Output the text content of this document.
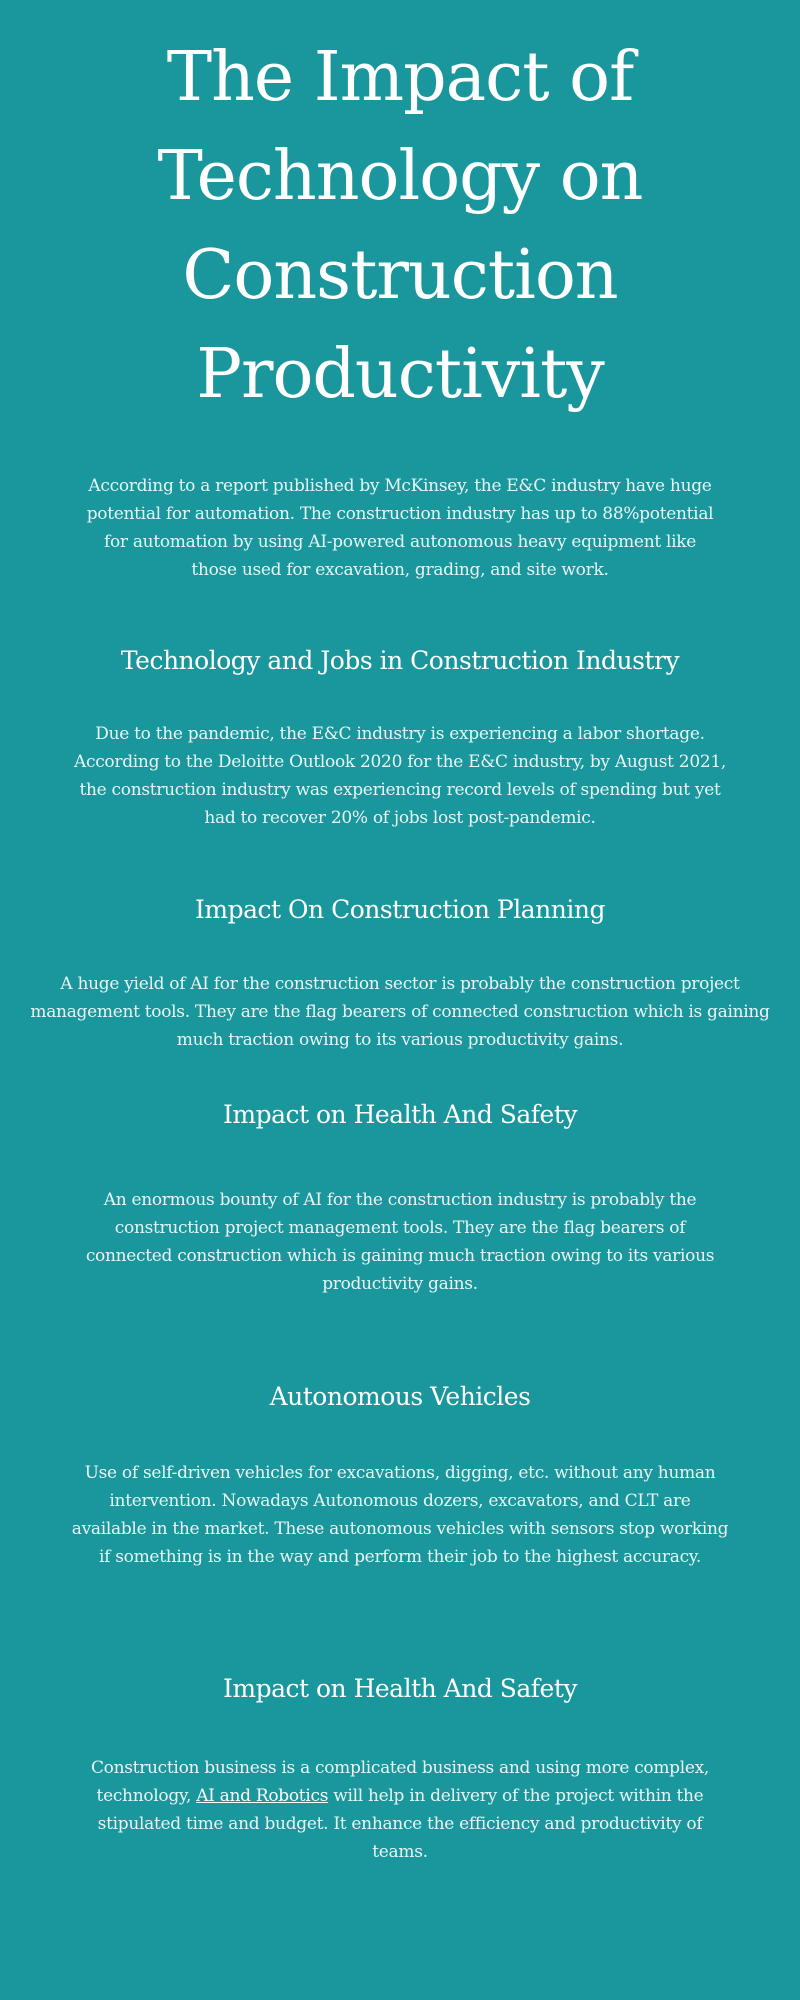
The Impact of Technology on Construction Productivity

According to a report published by McKinsey, the E&C industry have huge potential for automation. The construction industry has up to 88%potential for automation by using AI-powered autonomous heavy equipment like those used for excavation, grading, and site work.

Technology and Jobs in Construction Industry

Due to the pandemic, the E&C industry is experiencing a labor shortage. According to the Deloitte Outlook 2020 for the E&C industry, by August 2021, the construction industry was experiencing record levels of spending but yet had to recover 20% of jobs lost post-pandemic.

Impact On Construction Planning

A huge yield of AI for the construction sector is probably the construction project management tools. They are the flag bearers of connected construction which is gaining much traction owing to its various productivity gains.

Impact on Health And Safety

An enormous bounty of AI for the construction industry is probably the construction project management tools. They are the flag bearers of connected construction which is gaining much traction owing to its various productivity gains.

Autonomous Vehicles

Use of self-driven vehicles for excavations, digging, etc. without any human intervention. Nowadays Autonomous dozers, excavators, and CLT are available in the market. These autonomous vehicles with sensors stop working if something is in the way and perform their job to the highest accuracy.

Impact on Health And Safety

Construction business is a complicated business and using more complex, technology, AI and Robotics will help in delivery of the project within the stipulated time and budget. It enhance the efficiency and productivity of teams.
